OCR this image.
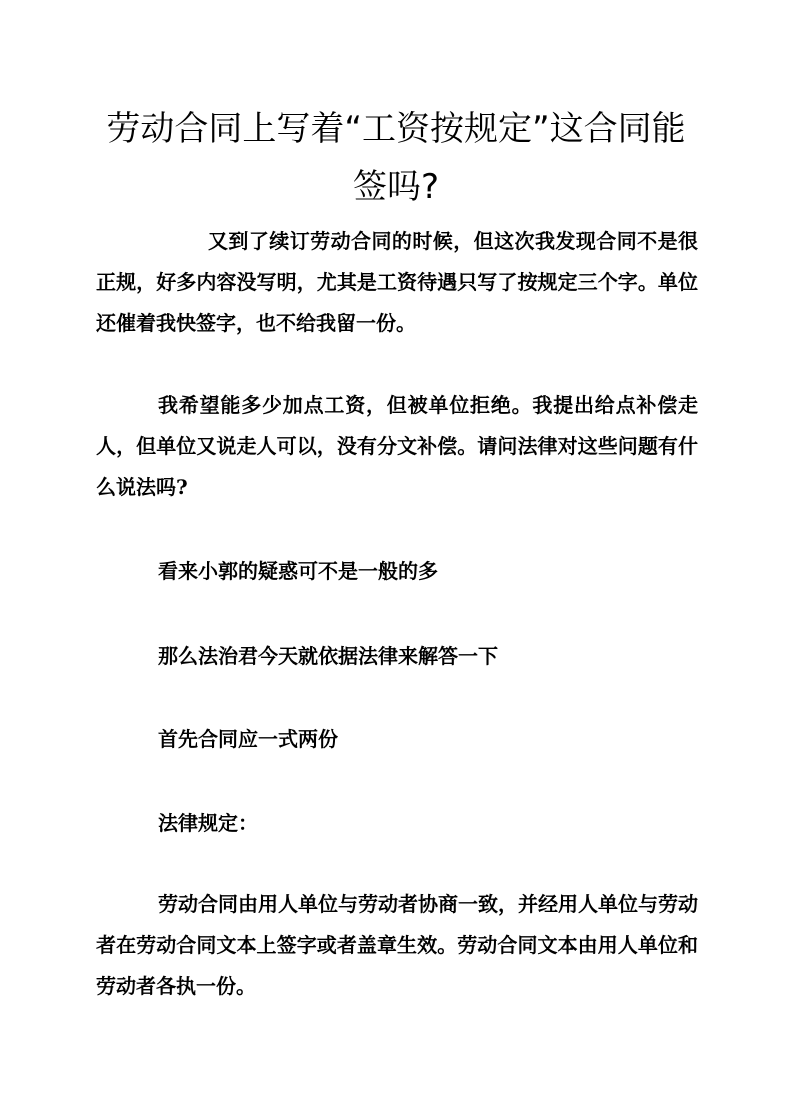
劳动合同上写着“工资按规定”这合同能签吗?

又到了续订劳动合同的时候，但这次我发现合同不是很正规，好多内容没写明，尤其是工资待遇只写了按规定三个字。单位还催着我快签字，也不给我留一份。

我希望能多少加点工资，但被单位拒绝。我提出给点补偿走人，但单位又说走人可以，没有分文补偿。请问法律对这些问题有什么说法吗?

看来小郭的疑惑可不是一般的多

那么法治君今天就依据法律来解答一下

首先合同应一式两份

法律规定：

劳动合同由用人单位与劳动者协商一致，并经用人单位与劳动者在劳动合同文本上签字或者盖章生效。劳动合同文本由用人单位和劳动者各执一份。
